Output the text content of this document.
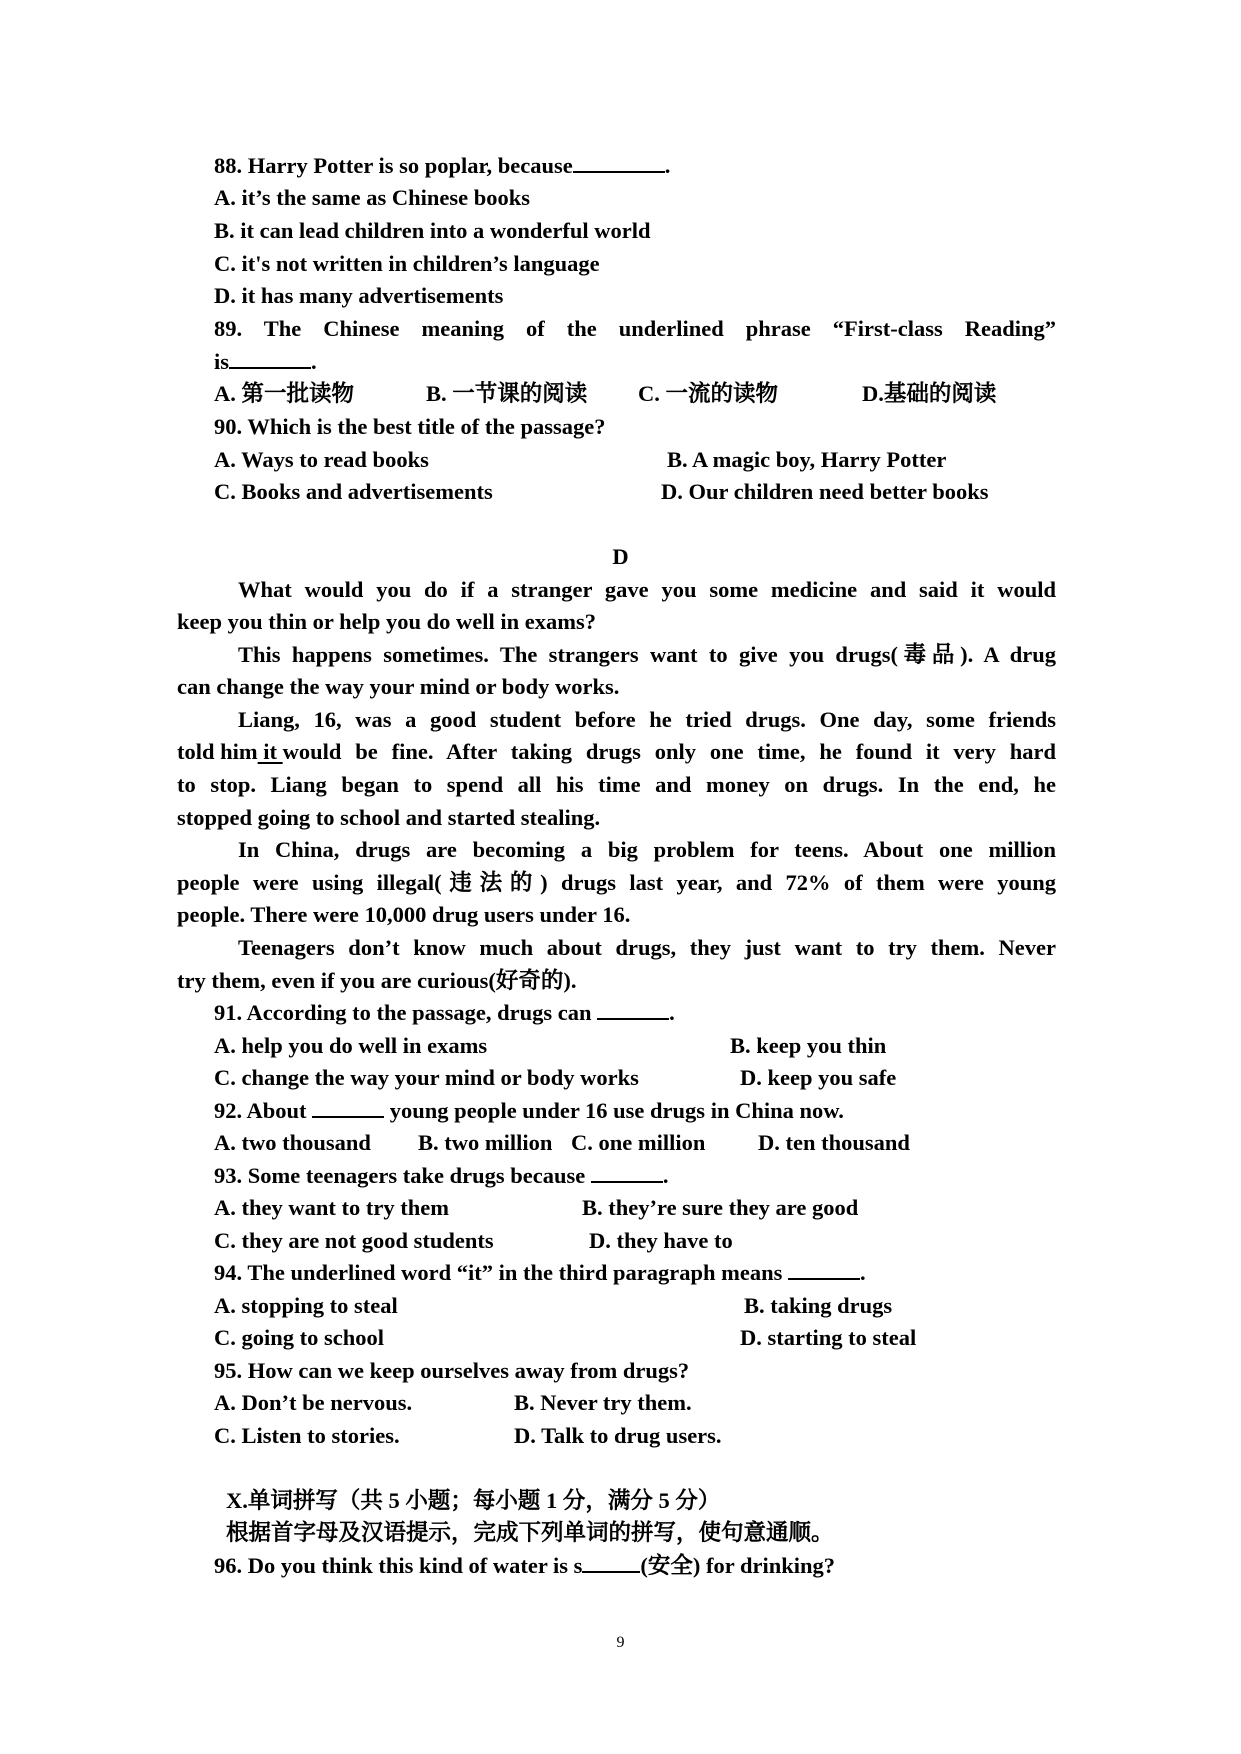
88. Harry Potter is so poplar, because	.
A. it’s the same as Chinese books
B. it can lead children into a wonderful world
C. it's not written in children’s language
D. it has many advertisements
89. The Chinese meaning of the underlined phrase “First-class Reading”
is	.
A. 第一批读物	B. 一节课的阅读 C. 一流的读物	D.基础的阅读
90. Which is the best title of the passage?
A. Ways to read books	B. A magic boy, Harry Potter
C. Books and advertisements	D. Our children need better books
D
What would you do if a stranger gave you some medicine and said it would
keep you thin or help you do well in exams?
This happens sometimes. The strangers want to give you drugs(毒品). A drug
can change the way your mind or body works.
Liang, 16, was a good student before he tried drugs. One day, some friends
told him it would be fine. After taking drugs only one time, he found it very hard
to stop. Liang began to spend all his time and money on drugs. In the end, he
stopped going to school and started stealing.
In China, drugs are becoming a big problem for teens. About one million
people were using illegal(违法的) drugs last year, and 72% of them were young
people. There were 10,000 drug users under 16.
Teenagers don’t know much about drugs, they just want to try them. Never
try them, even if you are curious(好奇的).
91. According to the passage, drugs can	.
A. help you do well in exams	B. keep you thin
C. change the way your mind or body works	D. keep you safe
92. About	young people under 16 use drugs in China now.
A. two thousand B. two million C. one million D. ten thousand
93. Some teenagers take drugs because	.
A. they want to try them	B. they’re sure they are good
C. they are not good students	D. they have to
94. The underlined word “it” in the third paragraph means	.
A. stopping to steal	B. taking drugs
C. going to school	D. starting to steal
95. How can we keep ourselves away from drugs?
A. Don’t be nervous.	B. Never try them.
C. Listen to stories.	D. Talk to drug users.
X.单词拼写（共 5 小题；每小题 1 分，满分 5 分）
根据首字母及汉语提示，完成下列单词的拼写，使句意通顺。
96. Do you think this kind of water is s	(安全) for drinking?
9
